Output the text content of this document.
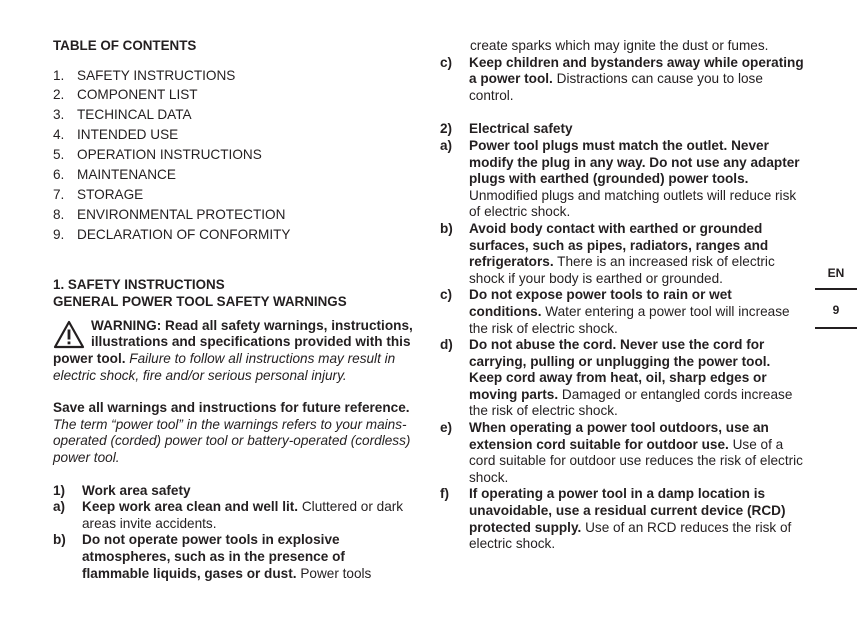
TABLE OF CONTENTS
1. SAFETY INSTRUCTIONS
2. COMPONENT LIST
3. TECHINCAL DATA
4. INTENDED USE
5. OPERATION INSTRUCTIONS
6. MAINTENANCE
7. STORAGE
8. ENVIRONMENTAL PROTECTION
9. DECLARATION OF CONFORMITY
1. SAFETY INSTRUCTIONS
GENERAL POWER TOOL SAFETY WARNINGS
WARNING: Read all safety warnings, instructions, illustrations and specifications provided with this power tool. Failure to follow all instructions may result in electric shock, fire and/or serious personal injury.
Save all warnings and instructions for future reference.
The term “power tool” in the warnings refers to your mains-operated (corded) power tool or battery-operated (cordless) power tool.
1)	Work area safety
a)	Keep work area clean and well lit. Cluttered or dark areas invite accidents.
b)	Do not operate power tools in explosive atmospheres, such as in the presence of flammable liquids, gases or dust. Power tools
create sparks which may ignite the dust or fumes.
c)	Keep children and bystanders away while operating a power tool. Distractions can cause you to lose control.
2)	Electrical safety
a)	Power tool plugs must match the outlet. Never modify the plug in any way. Do not use any adapter plugs with earthed (grounded) power tools. Unmodified plugs and matching outlets will reduce risk of electric shock.
b)	Avoid body contact with earthed or grounded surfaces, such as pipes, radiators, ranges and refrigerators. There is an increased risk of electric shock if your body is earthed or grounded.
c)	Do not expose power tools to rain or wet conditions. Water entering a power tool will increase the risk of electric shock.
d)	Do not abuse the cord. Never use the cord for carrying, pulling or unplugging the power tool. Keep cord away from heat, oil, sharp edges or moving parts. Damaged or entangled cords increase the risk of electric shock.
e)	When operating a power tool outdoors, use an extension cord suitable for outdoor use. Use of a cord suitable for outdoor use reduces the risk of electric shock.
f)	If operating a power tool in a damp location is unavoidable, use a residual current device (RCD) protected supply. Use of an RCD reduces the risk of electric shock.
EN
9
